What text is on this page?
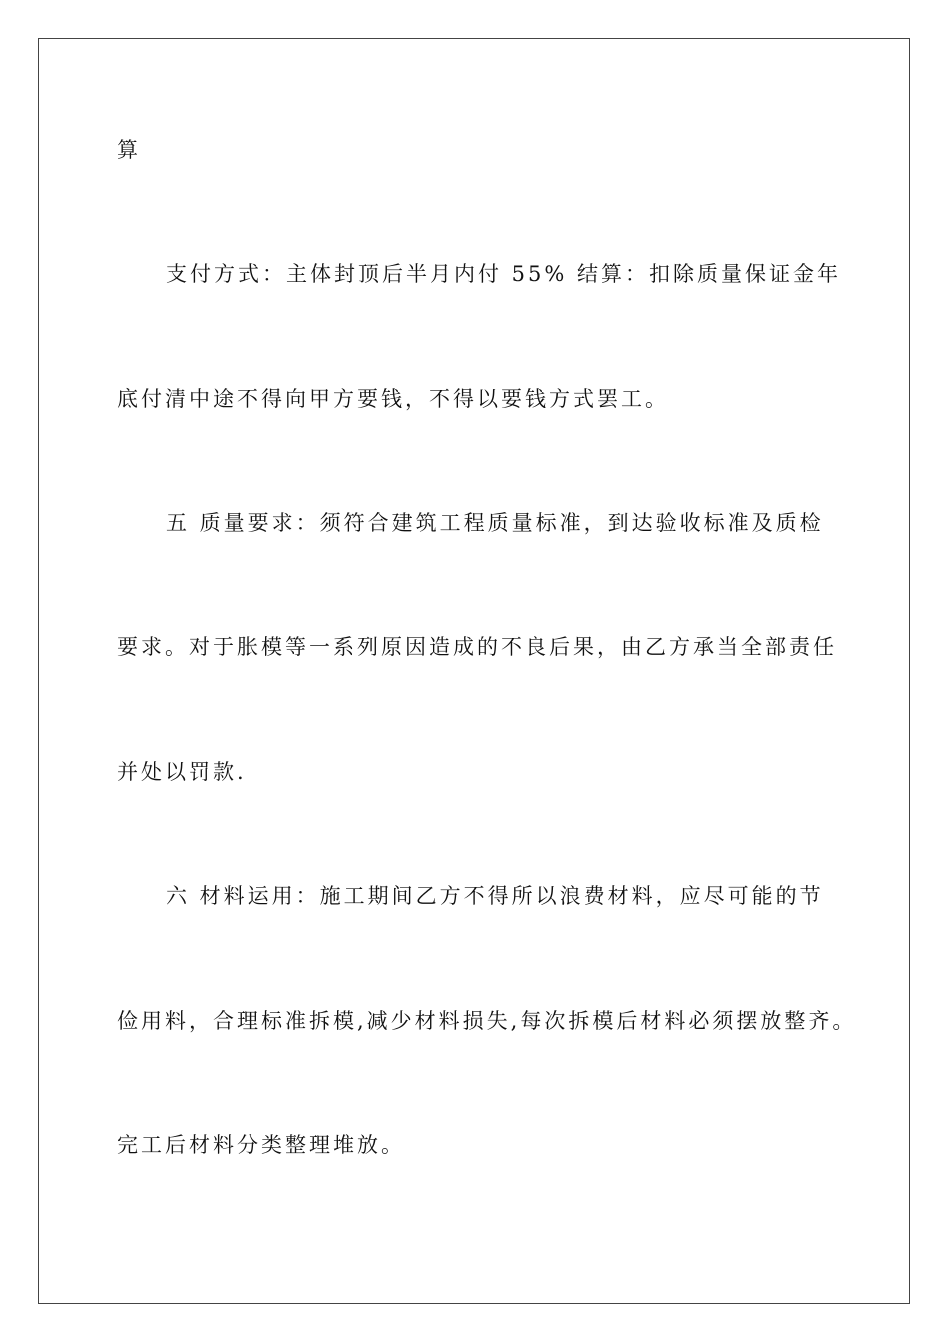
算
支付方式：主体封顶后半月内付 55% 结算：扣除质量保证金年
底付清中途不得向甲方要钱，不得以要钱方式罢工。
五 质量要求：须符合建筑工程质量标准，到达验收标准及质检
要求。对于胀模等一系列原因造成的不良后果，由乙方承当全部责任
并处以罚款.
六 材料运用：施工期间乙方不得所以浪费材料，应尽可能的节
俭用料，合理标准拆模,减少材料损失,每次拆模后材料必须摆放整齐。
完工后材料分类整理堆放。
